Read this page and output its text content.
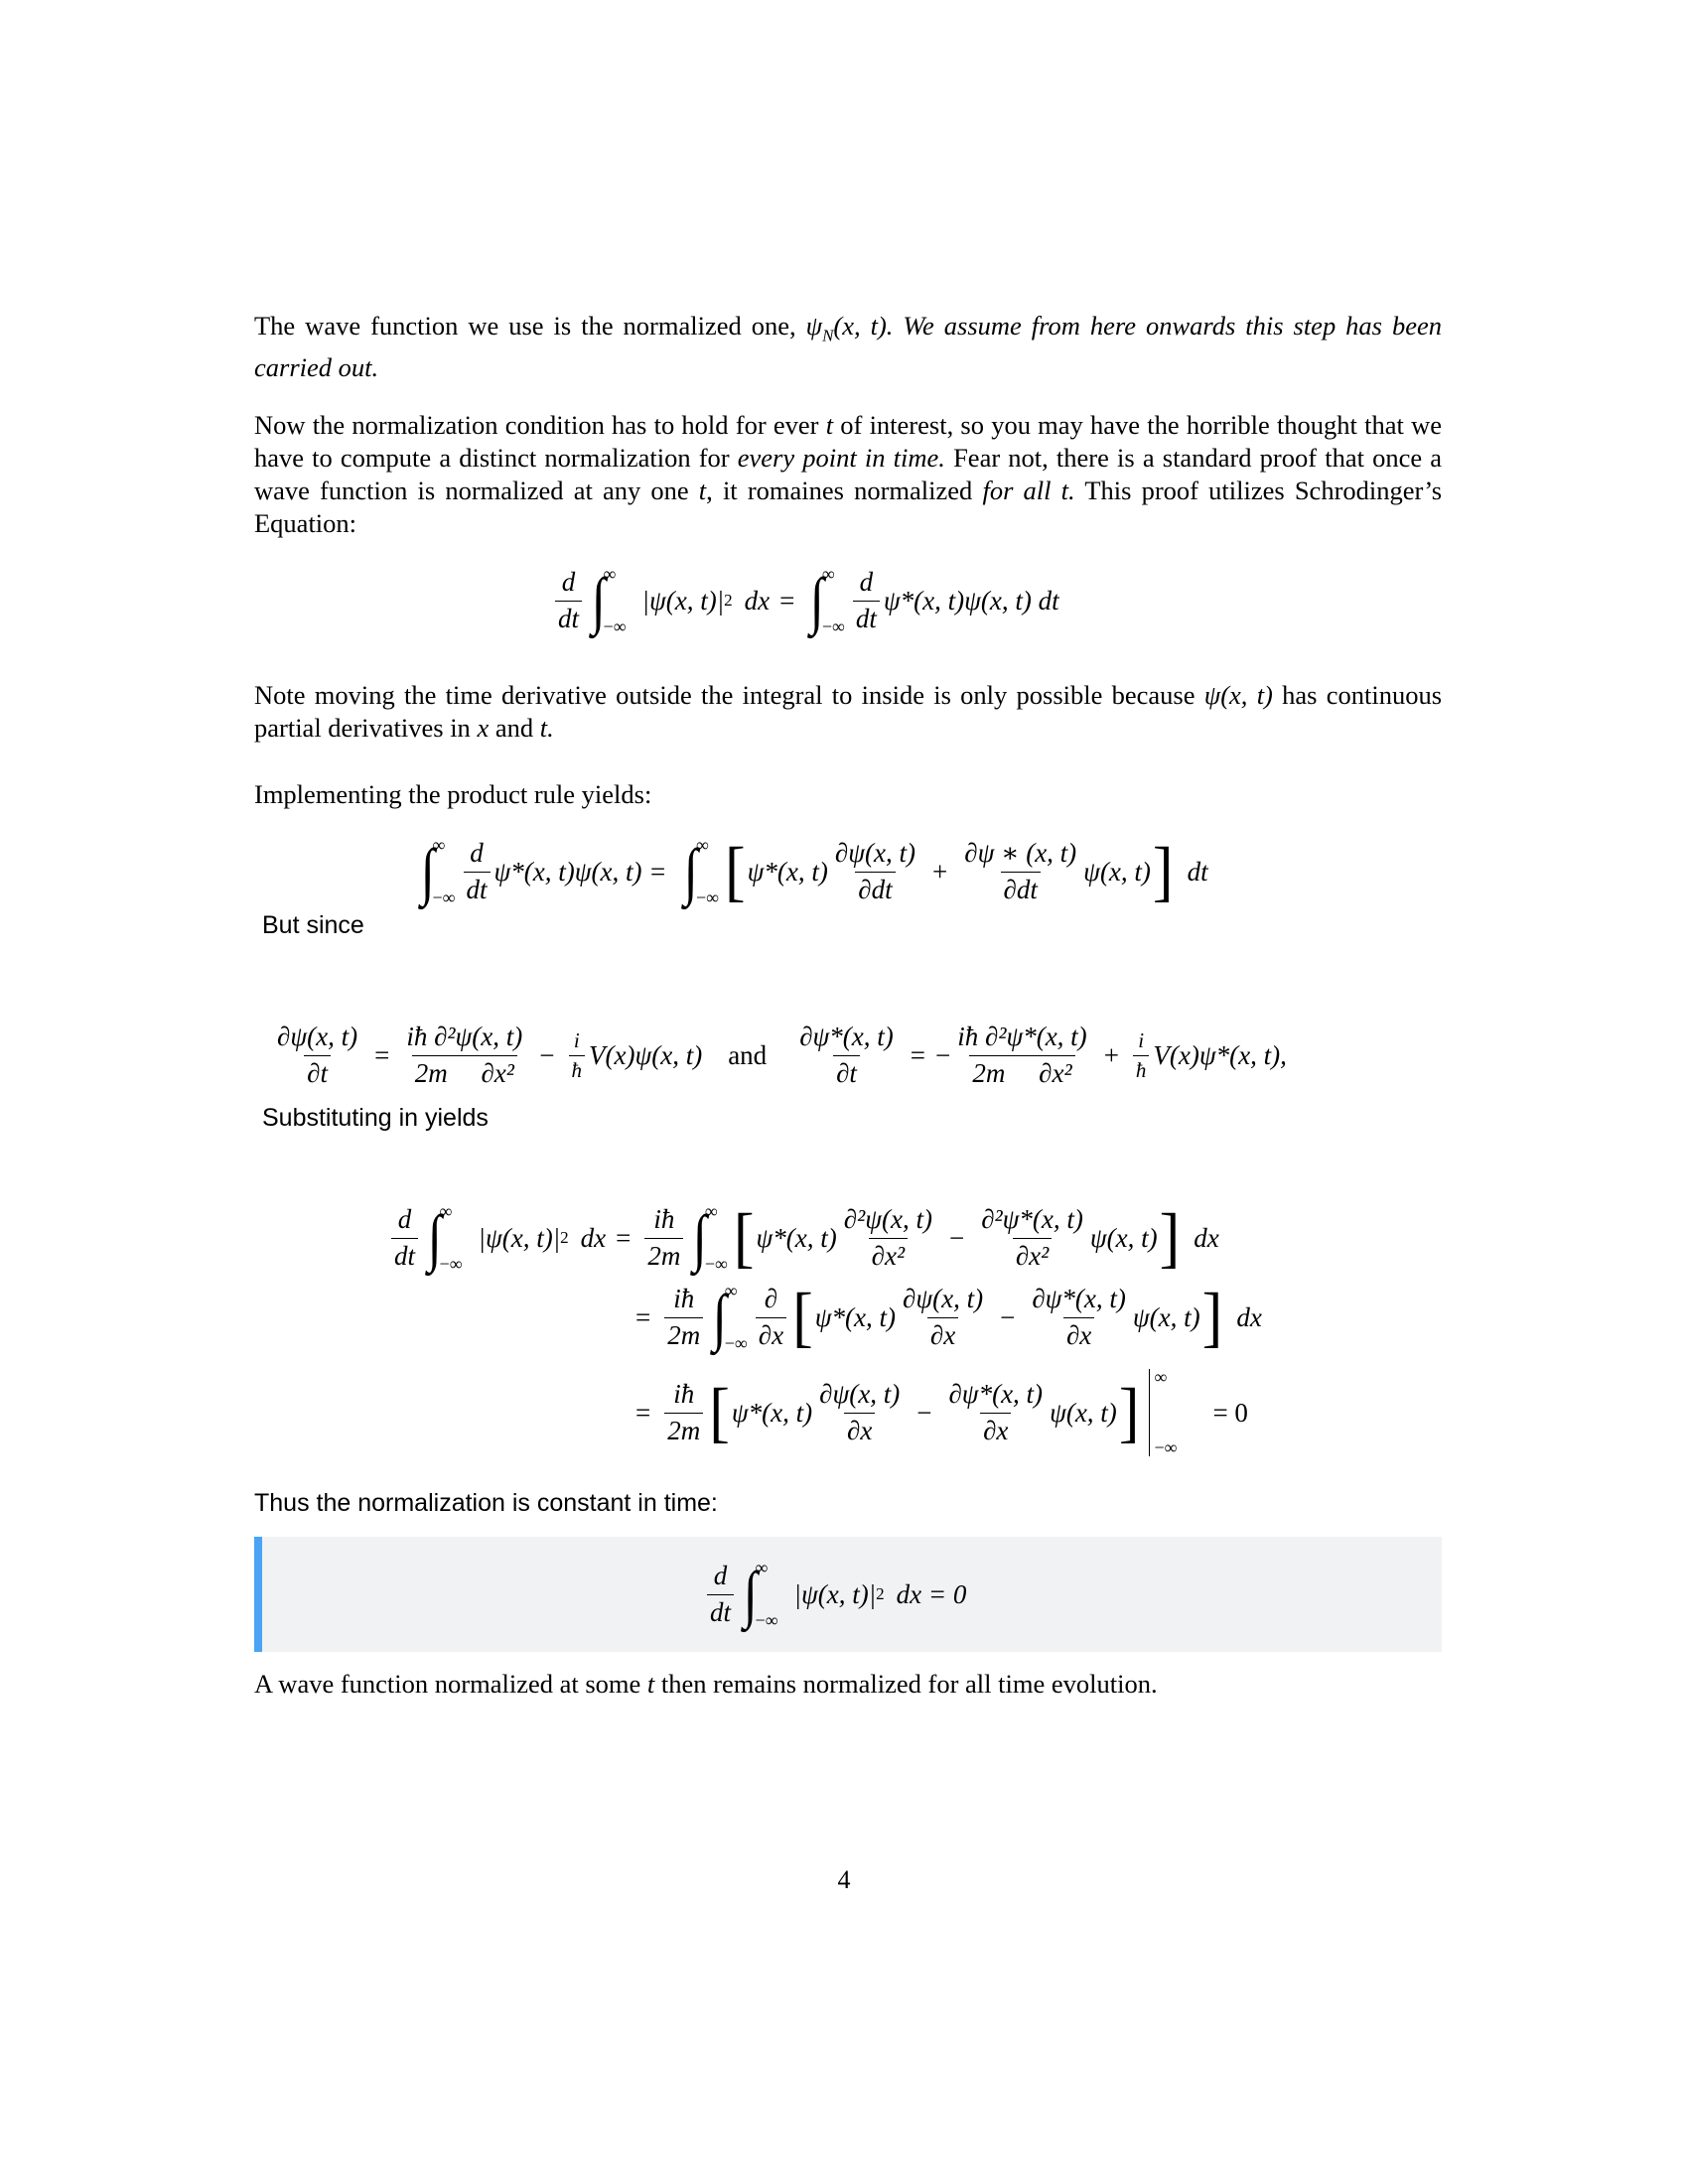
The wave function we use is the normalized one, $\psi_N(x$, t). We assume from here onwards this step has been carried out.

Now the normalization condition has to hold for ever t of interest, so you may have the horrible thought that we have to compute a distinct normalization for every point in time. Fear not, there is a standard proof that once a wave function is normalized at any one t, it romaines normalized for all t. This proof utilizes Schrodinger’s Equation:

$\frac{d}{dt}$ ∫
∞
−∞
|ψ(x, t)| 2 dx = ∫
∞
−∞ $\frac{d}{dt} \psi*(x$, t)ψ(x, t) dt

Note moving the time derivative outside the integral to inside is only possible because ψ(x, t) has continuous partial derivatives in x and t.

Implementing the product rule yields:

∫
∞
−∞ $\frac{d}{dt} \psi*(x$, t)ψ(x, t) = ∫
∞
−∞ [ ψ*(x, $t) \frac{\partial\psi(x, t)}{\partial dt} + \frac{\partial\psi ∗ (x, t)}{\partial dt} \psi(x$, t) ] dt

But since

$\frac{\partial\psi(x, t)}{\partial t} = \frac{\text{iħ ∂²ψ(x, t)}}{\text{2m     ∂x²}} - \frac{i}{ħ} V(x)\psi(x$, t) and $\frac{\partial\psi*(x, t)}{\partial t}$ = − $\frac{\text{iħ ∂²ψ*(x, t)}}{\text{2m     ∂x²}} + \frac{i}{ħ} V(x)\psi*(x$, t),

Substituting in yields

$\frac{d}{dt}$ ∫
∞
−∞
|ψ(x, t)| 2 dx = $\frac{iħ}{2m}$ ∫
∞
−∞ [ ψ*(x, $t) \frac{\text{∂²ψ(x, t)}}{\text{∂x²}} - \frac{\text{∂²ψ*(x, t)}}{\text{∂x²}} \psi(x$, t) ] dx
= $\frac{iħ}{2m}$ ∫
∞
−∞ $\frac{\partial}{\partial x}$ [ ψ*(x, $t) \frac{\partial\psi(x, t)}{\partial x} - \frac{\partial\psi*(x, t)}{\partial x} \psi(x$, t) ] dx
= $\frac{iħ}{2m}$ [ ψ*(x, $t) \frac{\partial\psi(x, t)}{\partial x} - \frac{\partial\psi*(x, t)}{\partial x} \psi(x$, t) ] ∞
−∞
= 0

Thus the normalization is constant in time:

$\frac{d}{dt}$ ∫
∞
−∞
|ψ(x, t)| 2 dx = 0

A wave function normalized at some t then remains normalized for all time evolution.

4
